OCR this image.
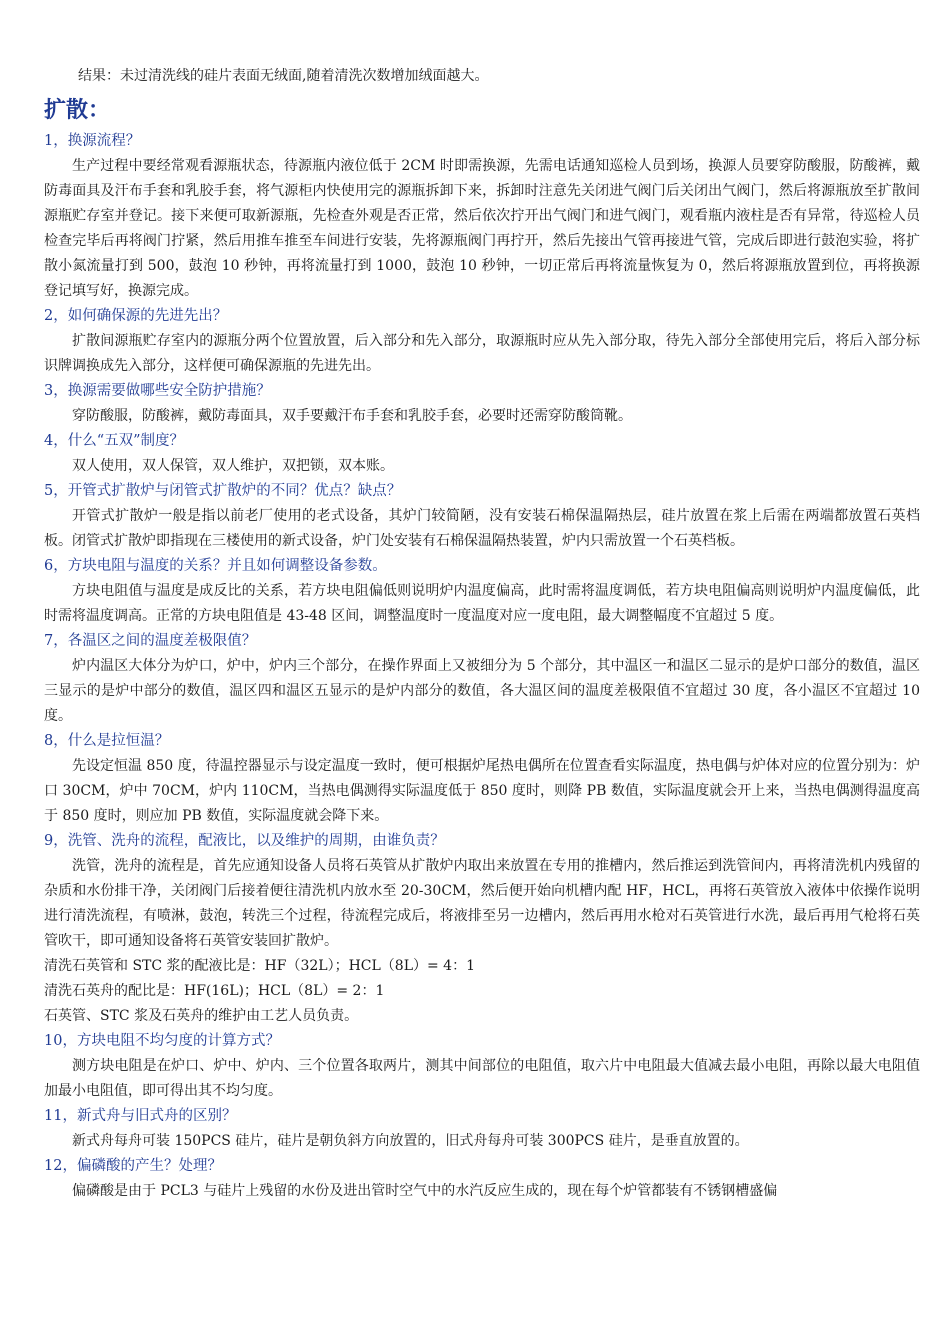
结果：未过清洗线的硅片表面无绒面,随着清洗次数增加绒面越大。

扩散：

1，换源流程？

生产过程中要经常观看源瓶状态，待源瓶内液位低于 2CM 时即需换源，先需电话通知巡检人员到场，换源人员要穿防酸服，防酸裤，戴防毒面具及汗布手套和乳胶手套，将气源柜内快使用完的源瓶拆卸下来，拆卸时注意先关闭进气阀门后关闭出气阀门，然后将源瓶放至扩散间源瓶贮存室并登记。接下来便可取新源瓶，先检查外观是否正常，然后依次拧开出气阀门和进气阀门，观看瓶内液柱是否有异常，待巡检人员检查完毕后再将阀门拧紧，然后用推车推至车间进行安装，先将源瓶阀门再拧开，然后先接出气管再接进气管，完成后即进行鼓泡实验，将扩散小氮流量打到 500，鼓泡 10 秒钟，再将流量打到 1000，鼓泡 10 秒钟，一切正常后再将流量恢复为 0，然后将源瓶放置到位，再将换源登记填写好，换源完成。

2，如何确保源的先进先出？

扩散间源瓶贮存室内的源瓶分两个位置放置，后入部分和先入部分，取源瓶时应从先入部分取，待先入部分全部使用完后，将后入部分标识牌调换成先入部分，这样便可确保源瓶的先进先出。

3，换源需要做哪些安全防护措施？

穿防酸服，防酸裤，戴防毒面具，双手要戴汗布手套和乳胶手套，必要时还需穿防酸筒靴。

4，什么“五双”制度？

双人使用，双人保管，双人维护，双把锁，双本账。

5，开管式扩散炉与闭管式扩散炉的不同？优点？缺点？

开管式扩散炉一般是指以前老厂使用的老式设备，其炉门较简陋，没有安装石棉保温隔热层，硅片放置在浆上后需在两端都放置石英档板。闭管式扩散炉即指现在三楼使用的新式设备，炉门处安装有石棉保温隔热装置，炉内只需放置一个石英档板。

6，方块电阻与温度的关系？并且如何调整设备参数。

方块电阻值与温度是成反比的关系，若方块电阻偏低则说明炉内温度偏高，此时需将温度调低，若方块电阻偏高则说明炉内温度偏低，此时需将温度调高。正常的方块电阻值是 43-48 区间，调整温度时一度温度对应一度电阻，最大调整幅度不宜超过 5 度。

7，各温区之间的温度差极限值？

炉内温区大体分为炉口，炉中，炉内三个部分，在操作界面上又被细分为 5 个部分，其中温区一和温区二显示的是炉口部分的数值，温区三显示的是炉中部分的数值，温区四和温区五显示的是炉内部分的数值，各大温区间的温度差极限值不宜超过 30 度，各小温区不宜超过 10 度。

8，什么是拉恒温？

先设定恒温 850 度，待温控器显示与设定温度一致时，便可根据炉尾热电偶所在位置查看实际温度，热电偶与炉体对应的位置分别为：炉口 30CM，炉中 70CM，炉内 110CM，当热电偶测得实际温度低于 850 度时，则降 PB 数值，实际温度就会开上来，当热电偶测得温度高于 850 度时，则应加 PB 数值，实际温度就会降下来。

9，洗管、洗舟的流程，配液比，以及维护的周期，由谁负责？

洗管，洗舟的流程是，首先应通知设备人员将石英管从扩散炉内取出来放置在专用的推槽内，然后推运到洗管间内，再将清洗机内残留的杂质和水份排干净，关闭阀门后接着便往清洗机内放水至 20-30CM，然后便开始向机槽内配 HF，HCL，再将石英管放入液体中依操作说明进行清洗流程，有喷淋，鼓泡，转洗三个过程，待流程完成后，将液排至另一边槽内，然后再用水枪对石英管进行水洗，最后再用气枪将石英管吹干，即可通知设备将石英管安装回扩散炉。

清洗石英管和 STC 浆的配液比是：HF（32L）；HCL（8L）= 4：1

清洗石英舟的配比是：HF(16L)；HCL（8L）= 2：1

石英管、STC 浆及石英舟的维护由工艺人员负责。

10，方块电阻不均匀度的计算方式？

测方块电阻是在炉口、炉中、炉内、三个位置各取两片，测其中间部位的电阻值，取六片中电阻最大值减去最小电阻，再除以最大电阻值加最小电阻值，即可得出其不均匀度。

11，新式舟与旧式舟的区别？

新式舟每舟可装 150PCS 硅片，硅片是朝负斜方向放置的，旧式舟每舟可装 300PCS 硅片，是垂直放置的。

12，偏磷酸的产生？处理？

偏磷酸是由于 PCL3 与硅片上残留的水份及进出管时空气中的水汽反应生成的，现在每个炉管都装有不锈钢槽盛偏
